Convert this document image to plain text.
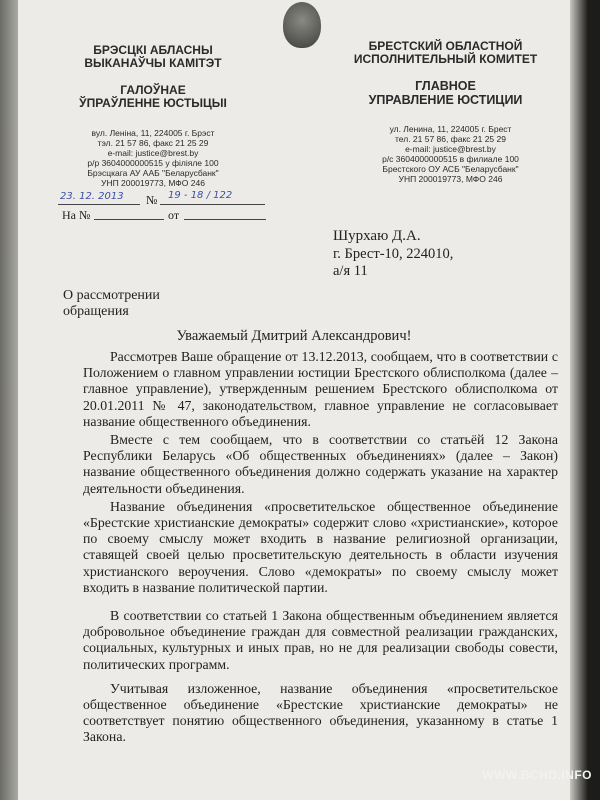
БРЭСЦКІ АБЛАСНЫ
ВЫКАНАЎЧЫ КАМІТЭТ
ГАЛОЎНАЕ
ЎПРАЎЛЕННЕ ЮСТЫЦЫІ
вул. Леніна, 11, 224005 г. Брэст
тэл. 21 57 86, факс 21 25 29
e-mail: justice@brest.by
р/р 3604000000515 у філіяле 100
Брэсцкага АУ ААБ "Беларусбанк"
УНП 200019773, МФО 246
БРЕСТСКИЙ ОБЛАСТНОЙ
ИСПОЛНИТЕЛЬНЫЙ КОМИТЕТ
ГЛАВНОЕ
УПРАВЛЕНИЕ ЮСТИЦИИ
ул. Ленина, 11, 224005 г. Брест
тел. 21 57 86, факс 21 25 29
e-mail: justice@brest.by
р/с 3604000000515 в филиале 100
Брестского ОУ АСБ "Беларусбанк"
УНП 200019773, МФО 246
23. 12. 2013 № 19 - 18 / 122
На №	от
Шурхаю Д.А.
г. Брест-10, 224010,
а/я 11
О рассмотрении
обращения
Уважаемый Дмитрий Александрович!

Рассмотрев Ваше обращение от 13.12.2013, сообщаем, что в соответствии с Положением о главном управлении юстиции Брестского облисполкома (далее – главное управление), утвержденным решением Брестского облисполкома от 20.01.2011 № 47, законодательством, главное управление не согласовывает название общественного объединения.

Вместе с тем сообщаем, что в соответствии со статьёй 12 Закона Республики Беларусь «Об общественных объединениях» (далее – Закон) название общественного объединения должно содержать указание на характер деятельности объединения.

Название объединения «просветительское общественное объединение «Брестские христианские демократы» содержит слово «христианские», которое по своему смыслу может входить в название религиозной организации, ставящей своей целью просветительскую деятельность в области изучения христианского вероучения. Слово «демократы» по своему смыслу может входить в название политической партии.

В соответствии со статьей 1 Закона общественным объединением является добровольное объединение граждан для совместной реализации гражданских, социальных, культурных и иных прав, но не для реализации свободы совести, политических программ.

Учитывая изложенное, название объединения «просветительское общественное объединение «Брестские христианские демократы» не соответствует понятию общественного объединения, указанному в статье 1 Закона.

WWW.BCHD.INFO
